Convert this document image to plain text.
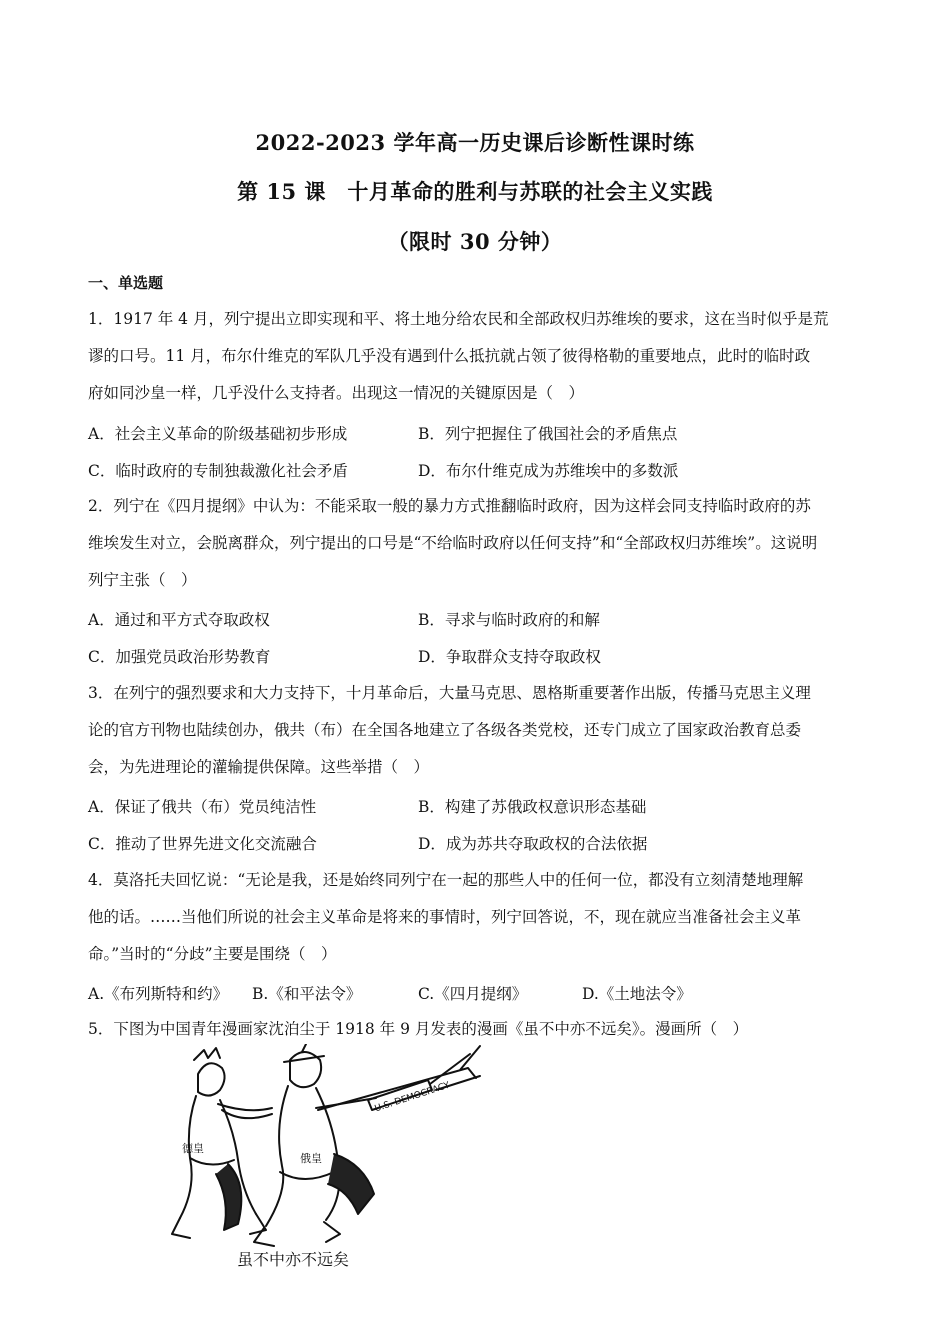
2022-2023 学年高一历史课后诊断性课时练
第 15 课　十月革命的胜利与苏联的社会主义实践
（限时 30 分钟）
一、单选题
1．1917 年 4 月，列宁提出立即实现和平、将土地分给农民和全部政权归苏维埃的要求，这在当时似乎是荒
谬的口号。11 月，布尔什维克的军队几乎没有遇到什么抵抗就占领了彼得格勒的重要地点，此时的临时政
府如同沙皇一样，几乎没什么支持者。出现这一情况的关键原因是（　）
A．社会主义革命的阶级基础初步形成	B．列宁把握住了俄国社会的矛盾焦点
C．临时政府的专制独裁激化社会矛盾	D．布尔什维克成为苏维埃中的多数派
2．列宁在《四月提纲》中认为：不能采取一般的暴力方式推翻临时政府，因为这样会同支持临时政府的苏
维埃发生对立，会脱离群众，列宁提出的口号是“不给临时政府以任何支持”和“全部政权归苏维埃”。这说明
列宁主张（　）
A．通过和平方式夺取政权	B．寻求与临时政府的和解
C．加强党员政治形势教育	D．争取群众支持夺取政权
3．在列宁的强烈要求和大力支持下，十月革命后，大量马克思、恩格斯重要著作出版，传播马克思主义理
论的官方刊物也陆续创办，俄共（布）在全国各地建立了各级各类党校，还专门成立了国家政治教育总委
会，为先进理论的灌输提供保障。这些举措（　）
A．保证了俄共（布）党员纯洁性	B．构建了苏俄政权意识形态基础
C．推动了世界先进文化交流融合	D．成为苏共夺取政权的合法依据
4．莫洛托夫回忆说：“无论是我，还是始终同列宁在一起的那些人中的任何一位，都没有立刻清楚地理解
他的话。……当他们所说的社会主义革命是将来的事情时，列宁回答说，不，现在就应当准备社会主义革
命。”当时的“分歧”主要是围绕（　）
A.《布列斯特和约》 B.《和平法令》	C.《四月提纲》	D.《土地法令》
5．下图为中国青年漫画家沈泊尘于 1918 年 9 月发表的漫画《虽不中亦不远矣》。漫画所（　）
U.S. DEMOCRACY
德皇
俄皇
虽不中亦不远矣
